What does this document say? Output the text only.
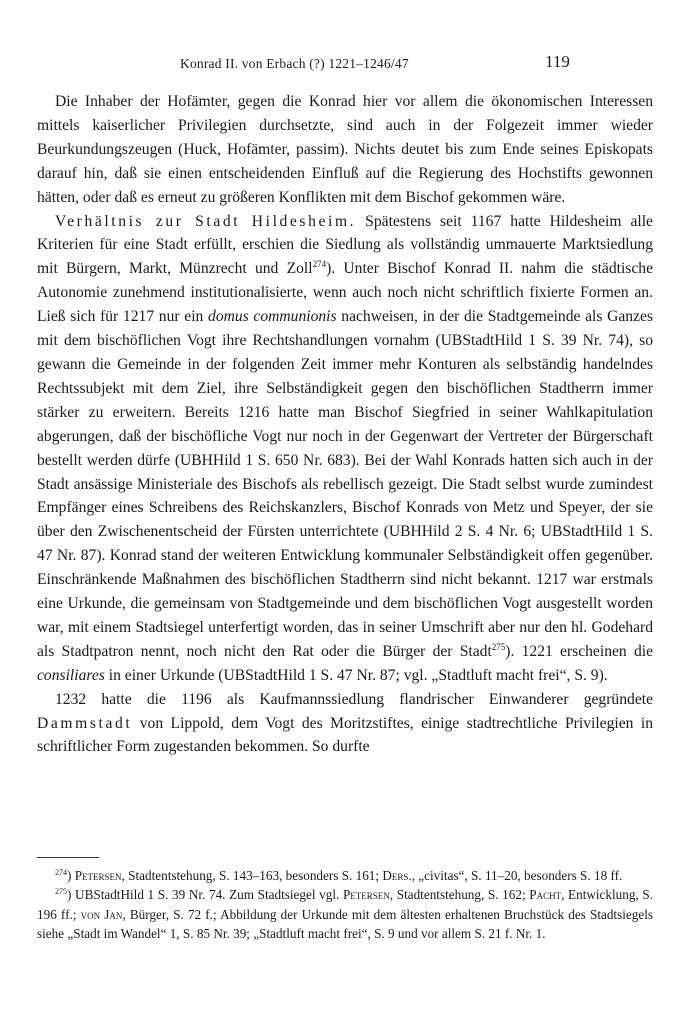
Konrad II. von Erbach (?) 1221–1246/47	119

Die Inhaber der Hofämter, gegen die Konrad hier vor allem die ökonomischen Interessen mittels kaiserlicher Privilegien durchsetzte, sind auch in der Folgezeit immer wieder Beurkundungszeugen (Huck, Hofämter, passim). Nichts deutet bis zum Ende seines Episkopats darauf hin, daß sie einen entscheidenden Einfluß auf die Regierung des Hochstifts gewonnen hätten, oder daß es erneut zu größeren Konflikten mit dem Bischof gekommen wäre.

Verhältnis zur Stadt Hildesheim. Spätestens seit 1167 hatte Hildesheim alle Kriterien für eine Stadt erfüllt, erschien die Siedlung als vollständig ummauerte Marktsiedlung mit Bürgern, Markt, Münzrecht und Zoll$^{274}$). Unter Bischof Konrad II. nahm die städtische Autonomie zunehmend institutionalisierte, wenn auch noch nicht schriftlich fixierte Formen an. Ließ sich für 1217 nur ein domus communionis nachweisen, in der die Stadtgemeinde als Ganzes mit dem bischöflichen Vogt ihre Rechtshandlungen vornahm (UBStadtHild 1 S. 39 Nr. 74), so gewann die Gemeinde in der folgenden Zeit immer mehr Konturen als selbständig handelndes Rechtssubjekt mit dem Ziel, ihre Selbständigkeit gegen den bischöflichen Stadtherrn immer stärker zu erweitern. Bereits 1216 hatte man Bischof Siegfried in seiner Wahlkapitulation abgerungen, daß der bischöfliche Vogt nur noch in der Gegenwart der Vertreter der Bürgerschaft bestellt werden dürfe (UBHHild 1 S. 650 Nr. 683). Bei der Wahl Konrads hatten sich auch in der Stadt ansässige Ministeriale des Bischofs als rebellisch gezeigt. Die Stadt selbst wurde zumindest Empfänger eines Schreibens des Reichskanzlers, Bischof Konrads von Metz und Speyer, der sie über den Zwischenentscheid der Fürsten unterrichtete (UBHHild 2 S. 4 Nr. 6; UBStadtHild 1 S. 47 Nr. 87). Konrad stand der weiteren Entwicklung kommunaler Selbständigkeit offen gegenüber. Einschränkende Maßnahmen des bischöflichen Stadtherrn sind nicht bekannt. 1217 war erstmals eine Urkunde, die gemeinsam von Stadtgemeinde und dem bischöflichen Vogt ausgestellt worden war, mit einem Stadtsiegel unterfertigt worden, das in seiner Umschrift aber nur den hl. Godehard als Stadtpatron nennt, noch nicht den Rat oder die Bürger der Stadt$^{275}$). 1221 erscheinen die consiliares in einer Urkunde (UBStadtHild 1 S. 47 Nr. 87; vgl. „Stadtluft macht frei“, S. 9).

1232 hatte die 1196 als Kaufmannssiedlung flandrischer Einwanderer gegründete Dammstadt von Lippold, dem Vogt des Moritzstiftes, einige stadtrechtliche Privilegien in schriftlicher Form zugestanden bekommen. So durfte

$^{274}$) Petersen, Stadtentstehung, S. 143–163, besonders S. 161; Ders., „civitas“, S. 11–20, besonders S. 18 ff.

$^{275}$) UBStadtHild 1 S. 39 Nr. 74. Zum Stadtsiegel vgl. Petersen, Stadtentstehung, S. 162; Pacht, Entwicklung, S. 196 ff.; von Jan, Bürger, S. 72 f.; Abbildung der Urkunde mit dem ältesten erhaltenen Bruchstück des Stadtsiegels siehe „Stadt im Wandel“ 1, S. 85 Nr. 39; „Stadtluft macht frei“, S. 9 und vor allem S. 21 f. Nr. 1.
